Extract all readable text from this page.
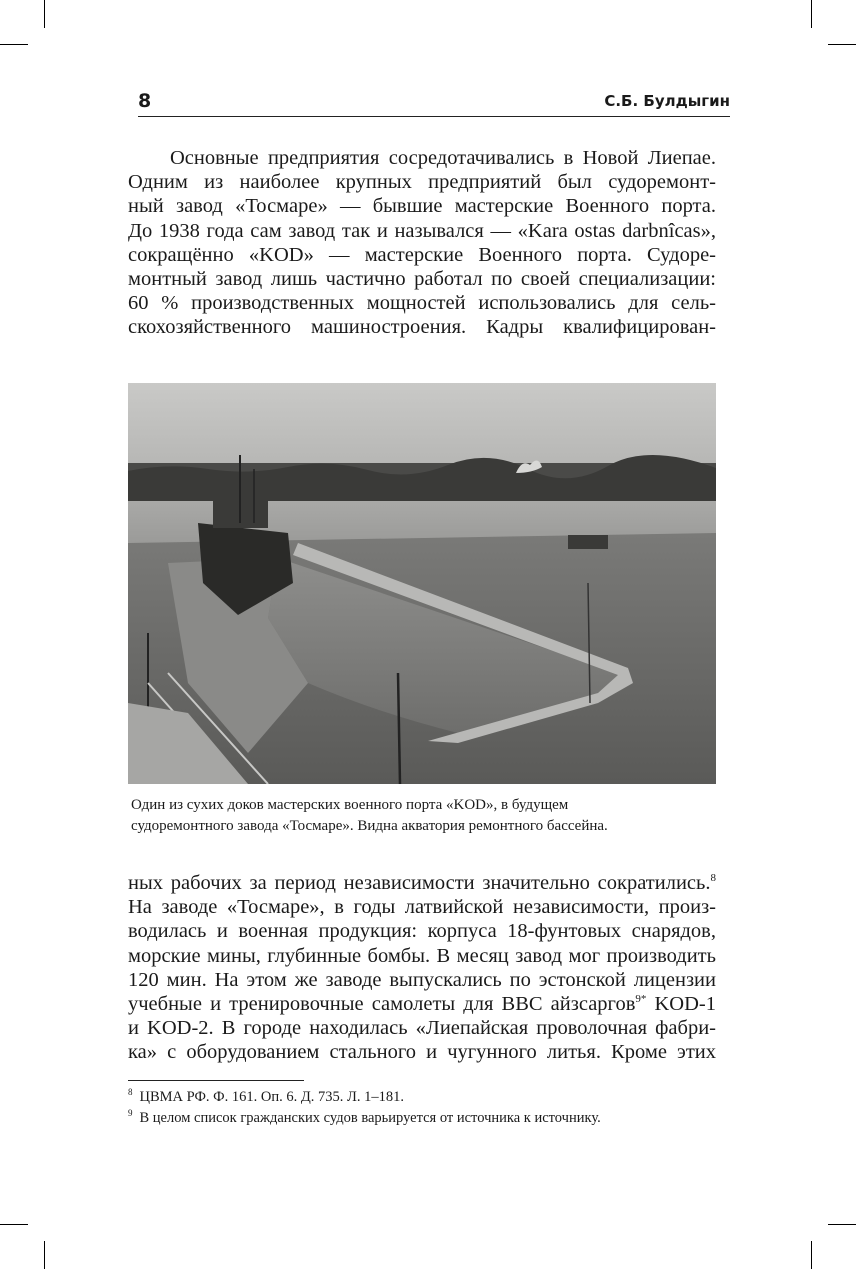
8	С.Б. Булдыгин
Основные предприятия сосредотачивались в Новой Лиепае.
Одним из наиболее крупных предприятий был судоремонт-
ный завод «Тосмаре» — бывшие мастерские Военного порта.
До 1938 года сам завод так и назывался — «Kara ostas darbnîcas»,
сокращённо «KOD» — мастерские Военного порта. Судоре-
монтный завод лишь частично работал по своей специализации:
60 % производственных мощностей использовались для сель-
скохозяйственного машиностроения. Кадры квалифицирован-
Один из сухих доков мастерских военного порта «KOD», в будущем
судоремонтного завода «Тосмаре». Видна акватория ремонтного бассейна.
ных рабочих за период независимости значительно сократились.$^8$
На заводе «Тосмаре», в годы латвийской независимости, произ-
водилась и военная продукция: корпуса 18-фунтовых снарядов,
морские мины, глубинные бомбы. В месяц завод мог производить
120 мин. На этом же заводе выпускались по эстонской лицензии
учебные и тренировочные самолеты для ВВС айзсаргов$^{9*}$ KOD-1
и KOD-2. В городе находилась «Лиепайская проволочная фабри-
ка» с оборудованием стального и чугунного литья. Кроме этих
$^8$ ЦВМА РФ. Ф. 161. Оп. 6. Д. 735. Л. 1–181.
$^9$ В целом список гражданских судов варьируется от источника к источнику.
